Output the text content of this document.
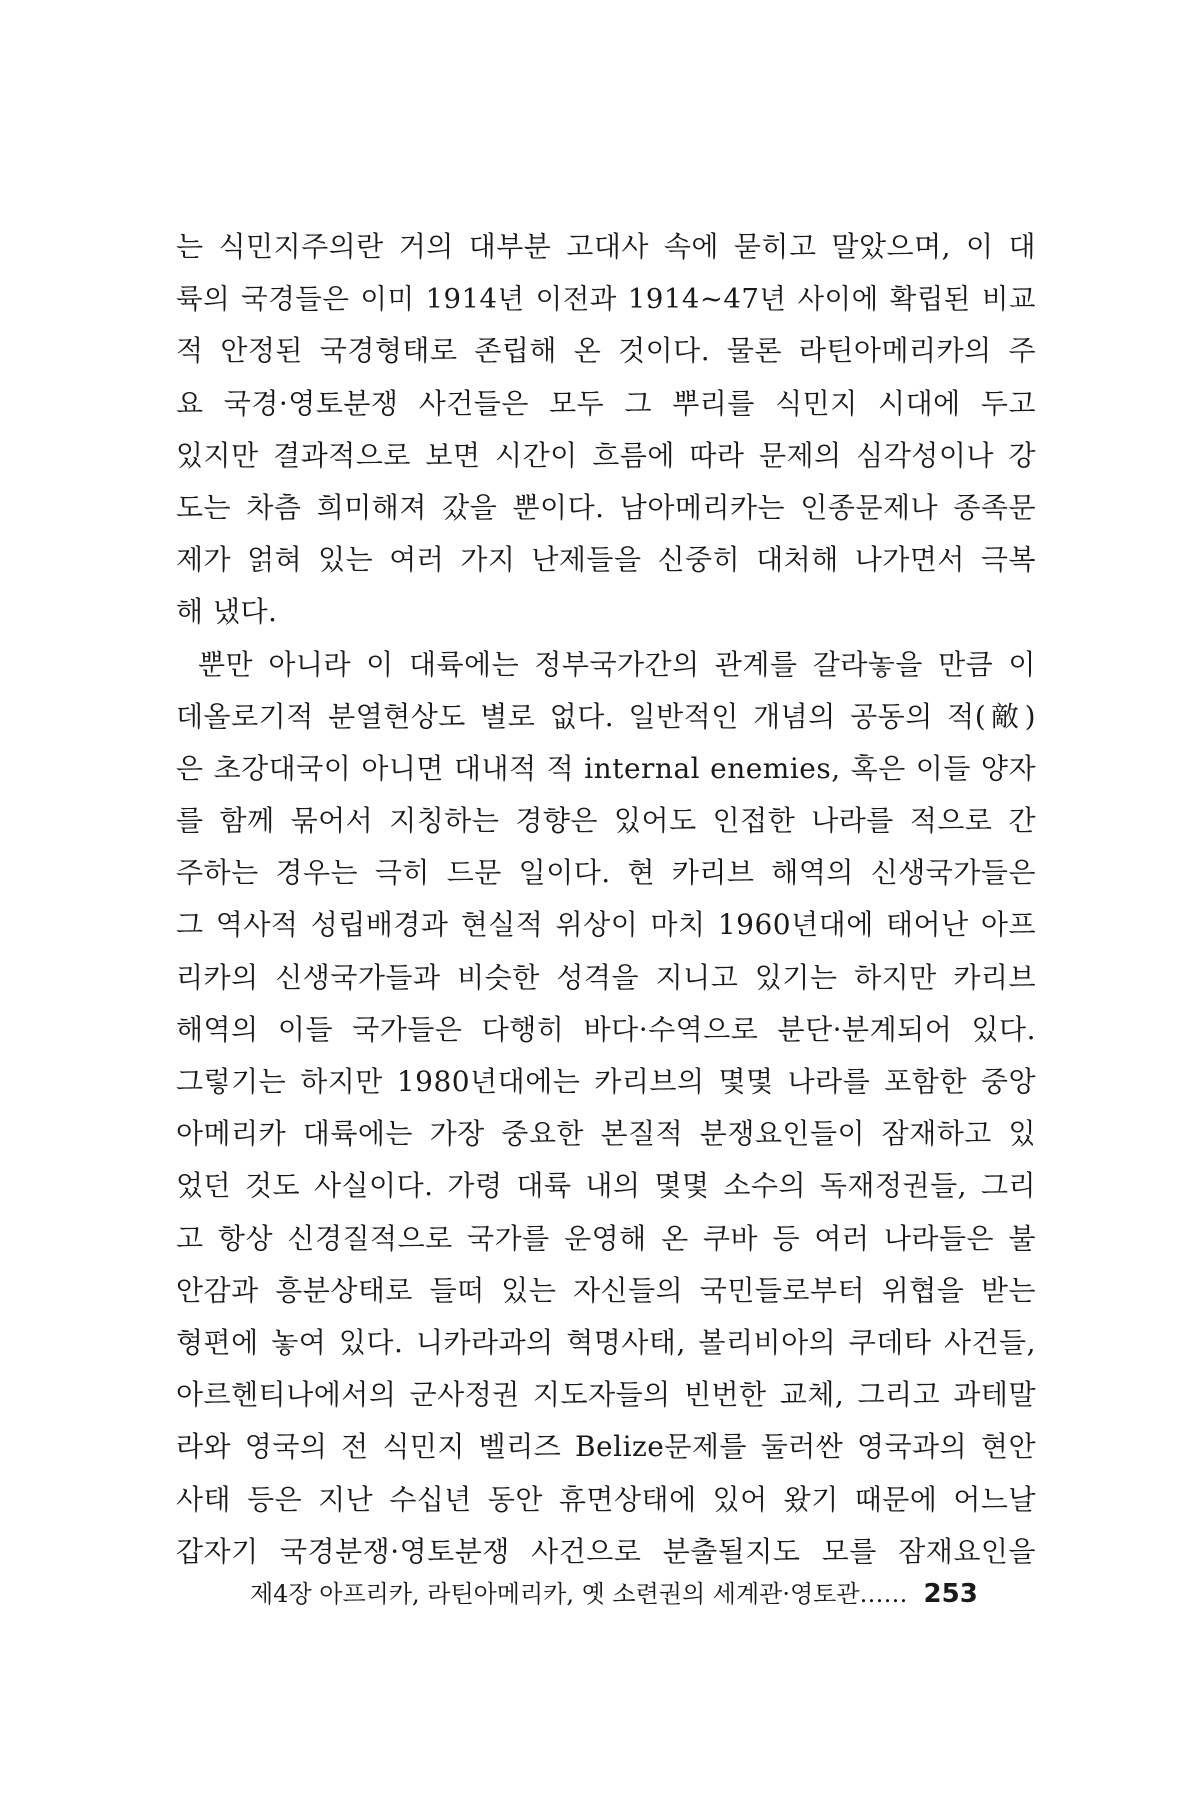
는 식민지주의란 거의 대부분 고대사 속에 묻히고 말았으며, 이 대
륙의 국경들은 이미 1914년 이전과 1914~47년 사이에 확립된 비교
적 안정된 국경형태로 존립해 온 것이다. 물론 라틴아메리카의 주
요 국경·영토분쟁 사건들은 모두 그 뿌리를 식민지 시대에 두고
있지만 결과적으로 보면 시간이 흐름에 따라 문제의 심각성이나 강
도는 차츰 희미해져 갔을 뿐이다. 남아메리카는 인종문제나 종족문
제가 얽혀 있는 여러 가지 난제들을 신중히 대처해 나가면서 극복
해 냈다.
뿐만 아니라 이 대륙에는 정부국가간의 관계를 갈라놓을 만큼 이
데올로기적 분열현상도 별로 없다. 일반적인 개념의 공동의 적(敵)
은 초강대국이 아니면 대내적 적 internal enemies, 혹은 이들 양자
를 함께 묶어서 지칭하는 경향은 있어도 인접한 나라를 적으로 간
주하는 경우는 극히 드문 일이다. 현 카리브 해역의 신생국가들은
그 역사적 성립배경과 현실적 위상이 마치 1960년대에 태어난 아프
리카의 신생국가들과 비슷한 성격을 지니고 있기는 하지만 카리브
해역의 이들 국가들은 다행히 바다·수역으로 분단·분계되어 있다.
그렇기는 하지만 1980년대에는 카리브의 몇몇 나라를 포함한 중앙
아메리카 대륙에는 가장 중요한 본질적 분쟁요인들이 잠재하고 있
었던 것도 사실이다. 가령 대륙 내의 몇몇 소수의 독재정권들, 그리
고 항상 신경질적으로 국가를 운영해 온 쿠바 등 여러 나라들은 불
안감과 흥분상태로 들떠 있는 자신들의 국민들로부터 위협을 받는
형편에 놓여 있다. 니카라과의 혁명사태, 볼리비아의 쿠데타 사건들,
아르헨티나에서의 군사정권 지도자들의 빈번한 교체, 그리고 과테말
라와 영국의 전 식민지 벨리즈 Belize문제를 둘러싼 영국과의 현안
사태 등은 지난 수십년 동안 휴면상태에 있어 왔기 때문에 어느날
갑자기 국경분쟁·영토분쟁 사건으로 분출될지도 모를 잠재요인을
제4장 아프리카, 라틴아메리카, 옛 소련권의 세계관·영토관…… 253
